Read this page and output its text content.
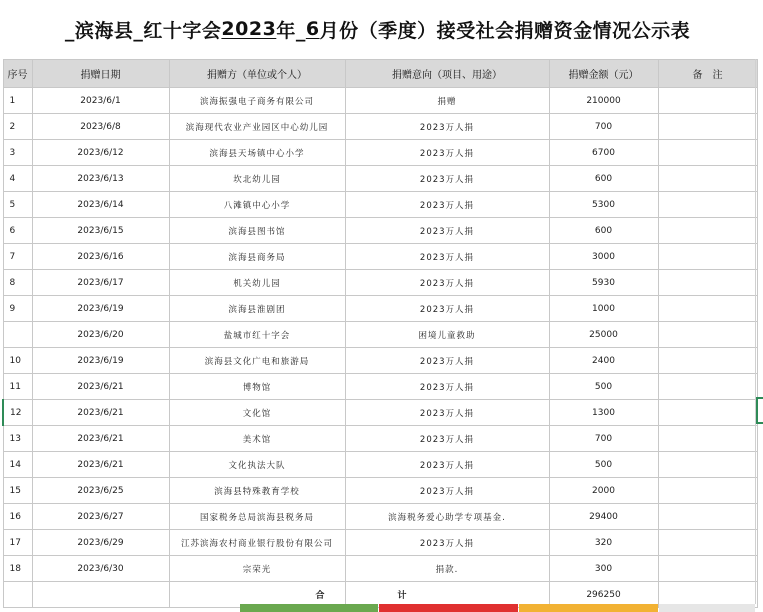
_滨海县_红十字会 2023 年_ 6 月份（季度）接受社会捐赠资金情况公示表
序号	捐赠日期	捐赠方（单位或个人）	捐赠意向（项目、用途）	捐赠金额（元）	备　注
1	2023/6/1	滨海振强电子商务有限公司	捐赠	210000	
2	2023/6/8	滨海现代农业产业园区中心幼儿园	2023万人捐	700	
3	2023/6/12	滨海县天场镇中心小学	2023万人捐	6700	
4	2023/6/13	坎北幼儿园	2023万人捐	600	
5	2023/6/14	八滩镇中心小学	2023万人捐	5300	
6	2023/6/15	滨海县图书馆	2023万人捐	600	
7	2023/6/16	滨海县商务局	2023万人捐	3000	
8	2023/6/17	机关幼儿园	2023万人捐	5930	
9	2023/6/19	滨海县淮剧团	2023万人捐	1000	
	2023/6/20	盐城市红十字会	困境儿童救助	25000	
10	2023/6/19	滨海县文化广电和旅游局	2023万人捐	2400	
11	2023/6/21	博物馆	2023万人捐	500	
12	2023/6/21	文化馆	2023万人捐	1300	
13	2023/6/21	美术馆	2023万人捐	700	
14	2023/6/21	文化执法大队	2023万人捐	500	
15	2023/6/25	滨海县特殊教育学校	2023万人捐	2000	
16	2023/6/27	国家税务总局滨海县税务局	滨海税务爱心助学专项基金.	29400	
17	2023/6/29	江苏滨海农村商业银行股份有限公司	2023万人捐	320	
18	2023/6/30	宗荣光	捐款.	300	
		合	计	296250	
